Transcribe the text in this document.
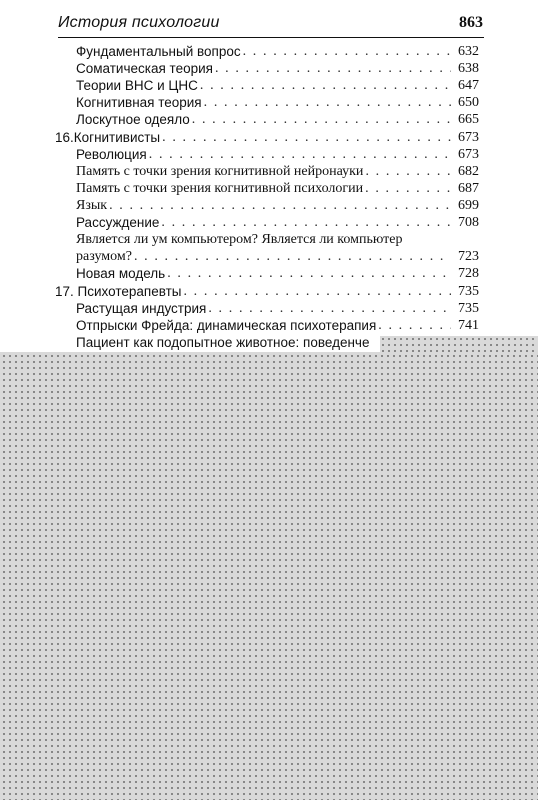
История психологии	863
Фундаментальный вопрос . . .	632
Соматическая теория . . .	638
Теории ВНС и ЦНС . . .	647
Когнитивная теория . . .	650
Лоскутное одеяло . . .	665
16.Когнитивисты . . .	673
Революция . . .	673
Память с точки зрения когнитивной нейронауки . . .	682
Память с точки зрения когнитивной психологии . . .	687
Язык . . .	699
Рассуждение . . .	708
Является ли ум компьютером? Является ли компьютер
разумом? . . .	723
Новая модель . . .	728
17. Психотерапевты . . .	735
Растущая индустрия . . .	735
Отпрыски Фрейда: динамическая психотерапия . . .	741
Пациент как подопытное животное: поведенче
